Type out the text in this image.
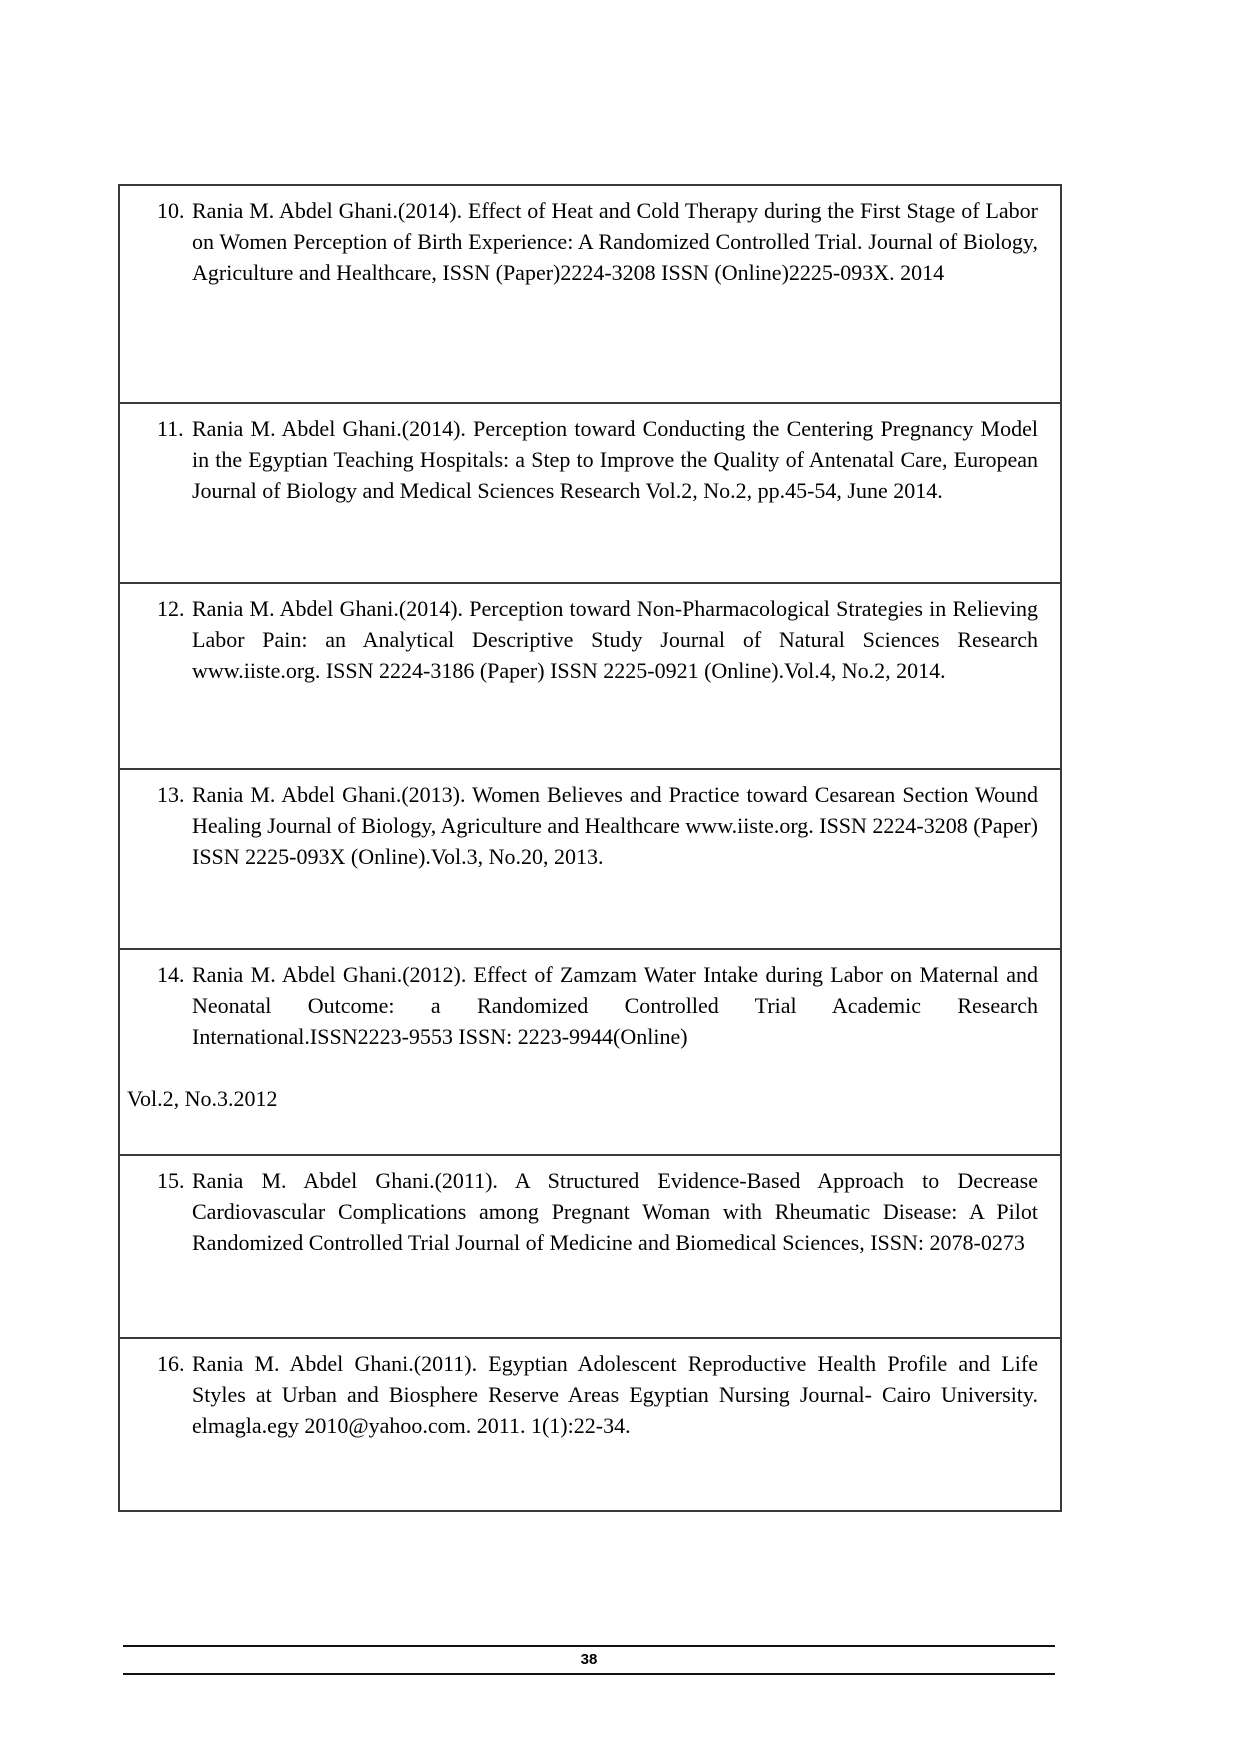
10. Rania M. Abdel Ghani.(2014). Effect of Heat and Cold Therapy during the First Stage of Labor on Women Perception of Birth Experience: A Randomized Controlled Trial. Journal of Biology, Agriculture and Healthcare, ISSN (Paper)2224-3208 ISSN (Online)2225-093X. 2014

11. Rania M. Abdel Ghani.(2014). Perception toward Conducting the Centering Pregnancy Model in the Egyptian Teaching Hospitals: a Step to Improve the Quality of Antenatal Care, European Journal of Biology and Medical Sciences Research Vol.2, No.2, pp.45-54, June 2014.

12. Rania M. Abdel Ghani.(2014). Perception toward Non-Pharmacological Strategies in Relieving Labor Pain: an Analytical Descriptive Study Journal of Natural Sciences Research www.iiste.org. ISSN 2224-3186 (Paper) ISSN 2225-0921 (Online).Vol.4, No.2, 2014.

13. Rania M. Abdel Ghani.(2013). Women Believes and Practice toward Cesarean Section Wound Healing Journal of Biology, Agriculture and Healthcare www.iiste.org. ISSN 2224-3208 (Paper) ISSN 2225-093X (Online).Vol.3, No.20, 2013.

14. Rania M. Abdel Ghani.(2012). Effect of Zamzam Water Intake during Labor on Maternal and Neonatal Outcome: a Randomized Controlled Trial Academic Research International.ISSN2223-9553 ISSN: 2223-9944(Online)

Vol.2, No.3.2012

15. Rania M. Abdel Ghani.(2011). A Structured Evidence-Based Approach to Decrease Cardiovascular Complications among Pregnant Woman with Rheumatic Disease: A Pilot Randomized Controlled Trial Journal of Medicine and Biomedical Sciences, ISSN: 2078-0273

16. Rania M. Abdel Ghani.(2011). Egyptian Adolescent Reproductive Health Profile and Life Styles at Urban and Biosphere Reserve Areas Egyptian Nursing Journal- Cairo University. elmagla.egy 2010@yahoo.com. 2011. 1(1):22-34.

38
